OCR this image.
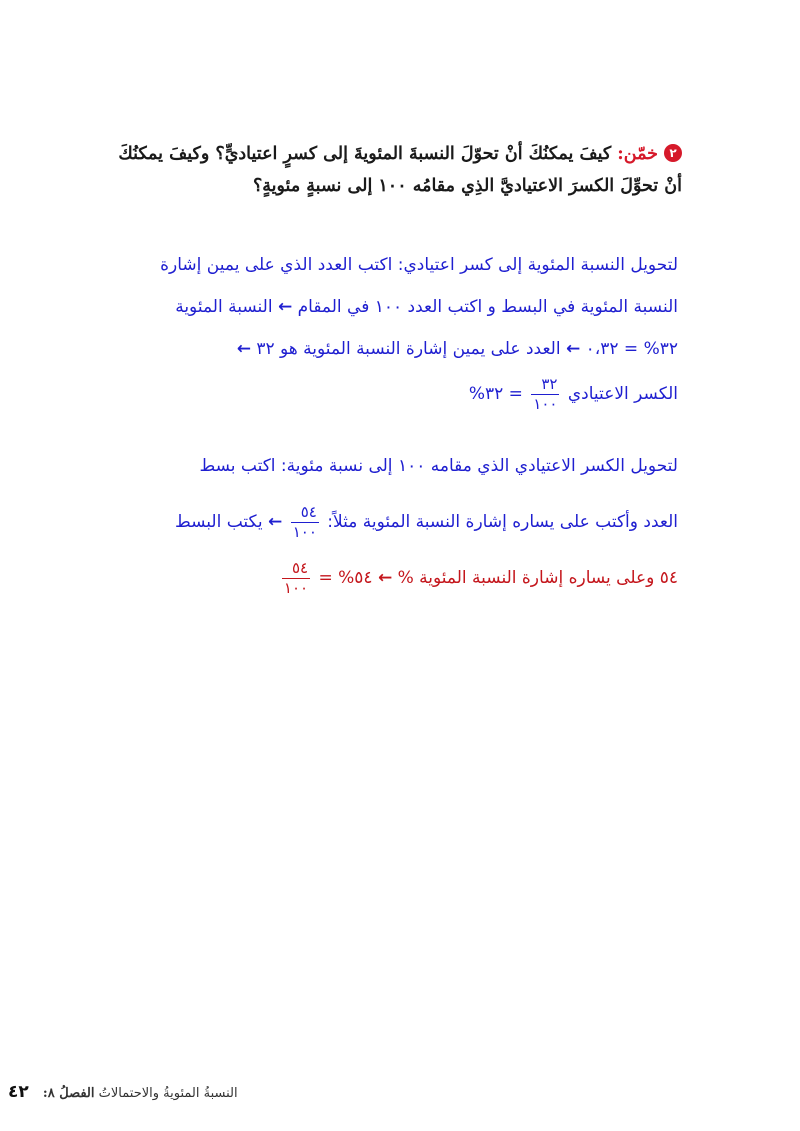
٢خمّن: كيفَ يمكنُكَ أنْ تحوّلَ النسبةَ المئويةَ إلى كسرٍ اعتياديٍّ؟ وكيفَ يمكنُكَ أنْ تحوِّلَ الكسرَ الاعتياديَّ الذِي مقامُه ١٠٠ إلى نسبةٍ مئويةٍ؟
لتحويل النسبة المئوية إلى كسر اعتيادي: اكتب العدد الذي على يمين إشارة
النسبة المئوية في البسط و اكتب العدد ١٠٠ في المقام ← النسبة المئوية
٣٢% = ٠،٣٢ ← العدد على يمين إشارة النسبة المئوية هو ٣٢ ←
الكسر الاعتيادي
$\frac{٣٢}{١٠٠}$
= ٣٢%
لتحويل الكسر الاعتيادي الذي مقامه ١٠٠ إلى نسبة مئوية: اكتب بسط
العدد وأكتب على يساره إشارة النسبة المئوية مثلاً:
$\frac{٥٤}{١٠٠}$
← يكتب البسط
٥٤ وعلى يساره إشارة النسبة المئوية % ← ٥٤% =
$\frac{٥٤}{١٠٠}$
٤٢ الفصلُ ٨: النسبةُ المئويةُ والاحتمالاتُ
